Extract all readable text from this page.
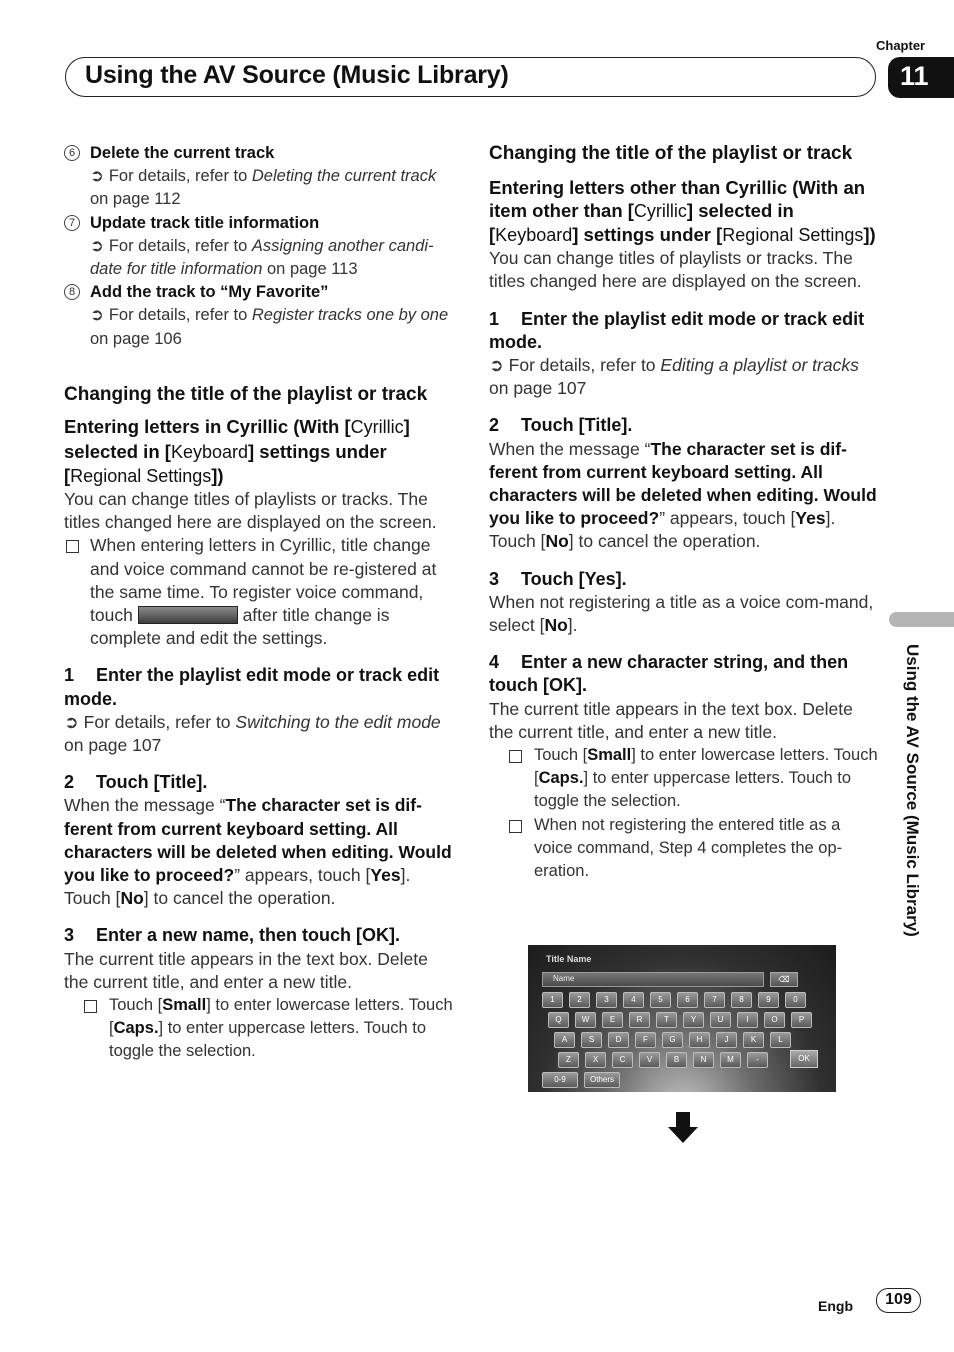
Chapter
11
Using the AV Source (Music Library)
6 Delete the current track
➲ For details, refer to Deleting the current track on page 112
7 Update track title information
➲ For details, refer to Assigning another candi-date for title information on page 113
8 Add the track to “My Favorite”
➲ For details, refer to Register tracks one by one on page 106
Changing the title of the playlist or track
Entering letters in Cyrillic (With [Cyrillic] selected in [Keyboard] settings under [Regional Settings])

You can change titles of playlists or tracks. The titles changed here are displayed on the screen.

When entering letters in Cyrillic, title change and voice command cannot be re-gistered at the same time. To register voice command, touch	after title change is complete and edit the settings.
1 Enter the playlist edit mode or track edit mode.
➲ For details, refer to Switching to the edit mode on page 107
2 Touch [Title].

When the message “The character set is dif-ferent from current keyboard setting. All characters will be deleted when editing. Would you like to proceed?” appears, touch [Yes]. Touch [No] to cancel the operation.

3 Enter a new name, then touch [OK].

The current title appears in the text box. Delete the current title, and enter a new title.

Touch [Small] to enter lowercase letters. Touch [Caps.] to enter uppercase letters. Touch to toggle the selection.
Changing the title of the playlist or track
Entering letters other than Cyrillic (With an item other than [Cyrillic] selected in [Keyboard] settings under [Regional Settings])

You can change titles of playlists or tracks. The titles changed here are displayed on the screen.

1 Enter the playlist edit mode or track edit mode.
➲ For details, refer to Editing a playlist or tracks on page 107
2 Touch [Title].

When the message “The character set is dif-ferent from current keyboard setting. All characters will be deleted when editing. Would you like to proceed?” appears, touch [Yes]. Touch [No] to cancel the operation.

3 Touch [Yes].

When not registering a title as a voice com-mand, select [No].

4 Enter a new character string, and then touch [OK].

The current title appears in the text box. Delete the current title, and enter a new title.

Touch [Small] to enter lowercase letters. Touch [Caps.] to enter uppercase letters. Touch to toggle the selection.
When not registering the entered title as a voice command, Step 4 completes the op-eration.
Title Name
Name	⌫
1	2	3	4	5	6	7	8	9	0
Q	W	E	R	T	Y	U	I	O	P
A	S	D	F	G	H	J	K	L
Z	X	C	V	B	N	M	-
0-9	Others
OK
Using the AV Source (Music Library)
Engb	109
